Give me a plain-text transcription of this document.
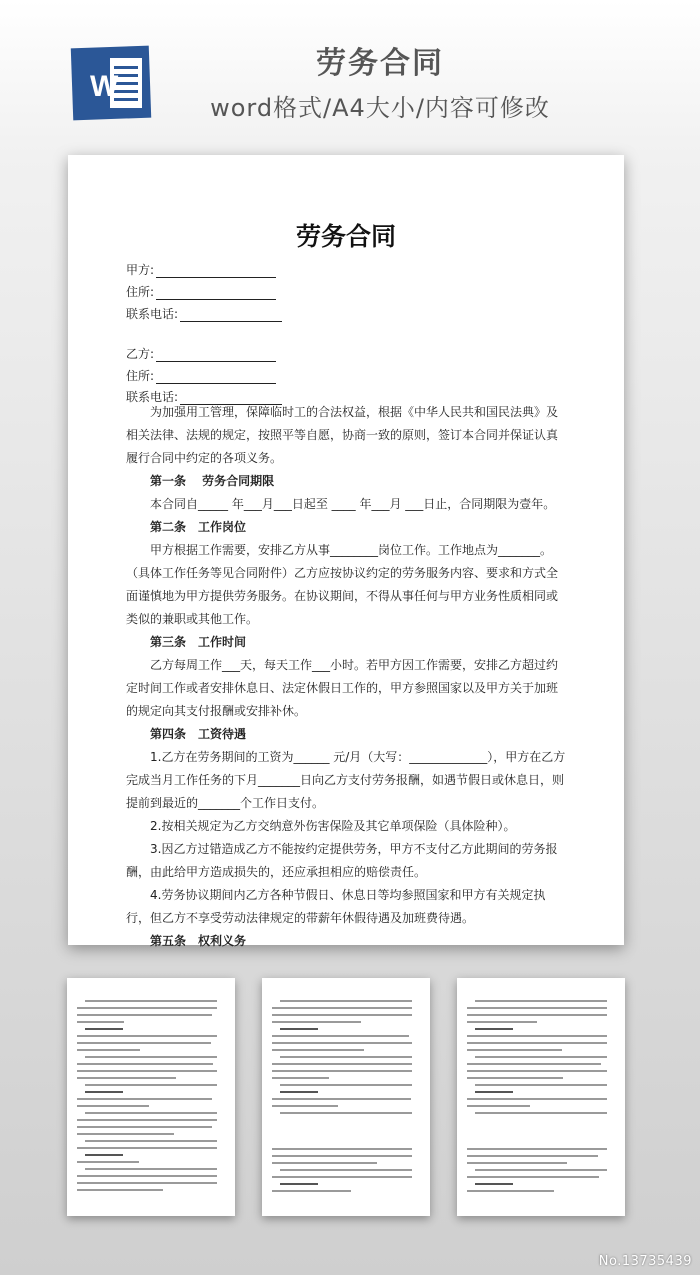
W
劳务合同
word格式/A4大小/内容可修改
劳务合同
甲方:
住所:
联系电话:
乙方:
住所:
联系电话:

为加强用工管理，保障临时工的合法权益，根据《中华人民共和国民法典》及相关法律、法规的规定，按照平等自愿，协商一致的原则，签订本合同并保证认真履行合同中约定的各项义务。

第一条　 劳务合同期限

本合同自_____ 年___月___日起至 ____ 年___月 ___日止，合同期限为壹年。

第二条　工作岗位

甲方根据工作需要，安排乙方从事________岗位工作。工作地点为_______。（具体工作任务等见合同附件）乙方应按协议约定的劳务服务内容、要求和方式全面谨慎地为甲方提供劳务服务。在协议期间，不得从事任何与甲方业务性质相同或类似的兼职或其他工作。

第三条　工作时间

乙方每周工作___天，每天工作___小时。若甲方因工作需要，安排乙方超过约定时间工作或者安排休息日、法定休假日工作的，甲方参照国家以及甲方关于加班的规定向其支付报酬或安排补休。

第四条　工资待遇

1.乙方在劳务期间的工资为______ 元/月（大写：_____________），甲方在乙方完成当月工作任务的下月_______日向乙方支付劳务报酬，如遇节假日或休息日，则提前到最近的_______个工作日支付。

2.按相关规定为乙方交纳意外伤害保险及其它单项保险（具体险种）。

3.因乙方过错造成乙方不能按约定提供劳务，甲方不支付乙方此期间的劳务报酬，由此给甲方造成损失的，还应承担相应的赔偿责任。

4.劳务协议期间内乙方各种节假日、休息日等均参照国家和甲方有关规定执行，但乙方不享受劳动法律规定的带薪年休假待遇及加班费待遇。

第五条　权利义务

No.13735439
